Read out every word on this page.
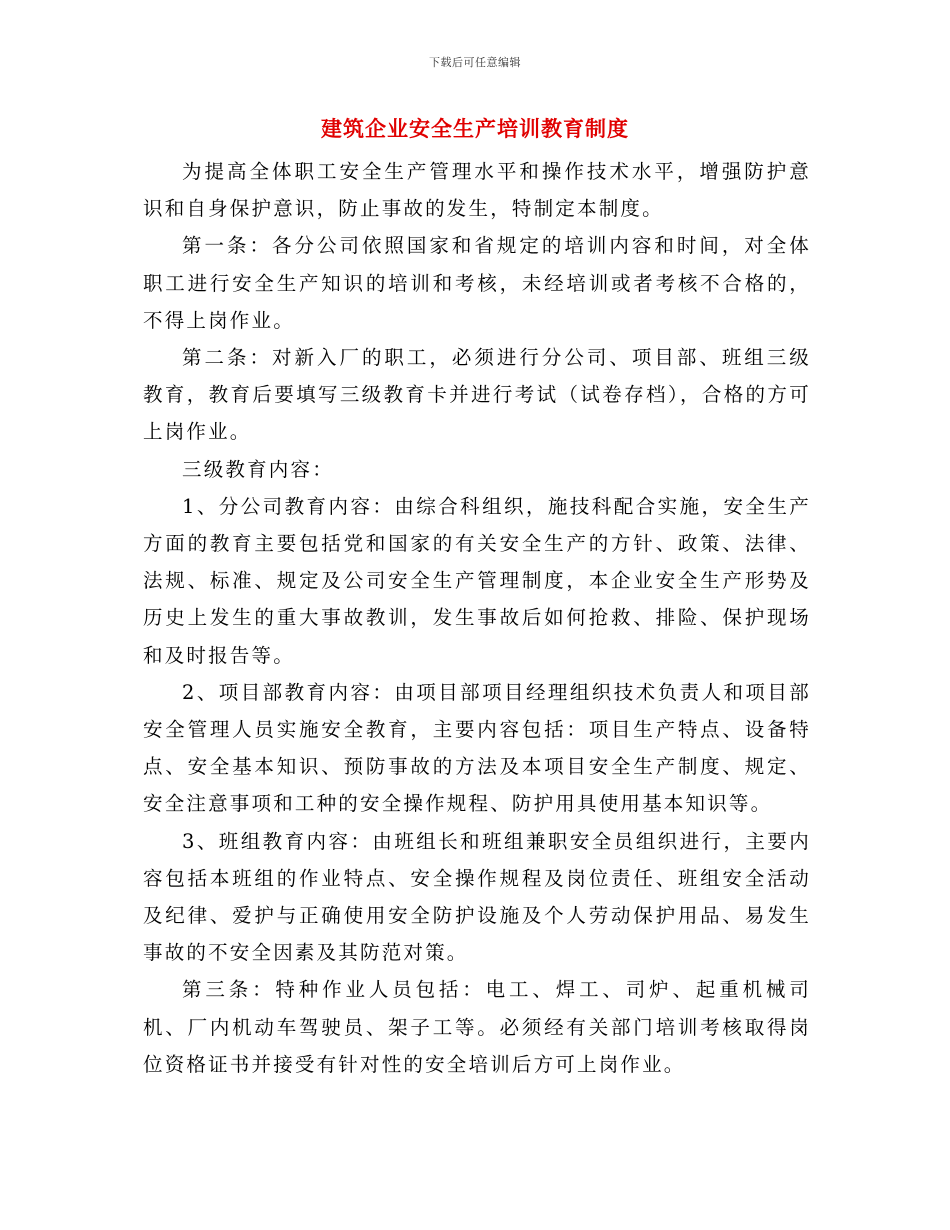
下载后可任意编辑
建筑企业安全生产培训教育制度

为提高全体职工安全生产管理水平和操作技术水平，增强防护意识和自身保护意识，防止事故的发生，特制定本制度。

第一条：各分公司依照国家和省规定的培训内容和时间，对全体职工进行安全生产知识的培训和考核，未经培训或者考核不合格的，不得上岗作业。

第二条：对新入厂的职工，必须进行分公司、项目部、班组三级教育，教育后要填写三级教育卡并进行考试（试卷存档），合格的方可上岗作业。

三级教育内容：

1、分公司教育内容：由综合科组织，施技科配合实施，安全生产方面的教育主要包括党和国家的有关安全生产的方针、政策、法律、法规、标准、规定及公司安全生产管理制度，本企业安全生产形势及历史上发生的重大事故教训，发生事故后如何抢救、排险、保护现场和及时报告等。

2、项目部教育内容：由项目部项目经理组织技术负责人和项目部安全管理人员实施安全教育，主要内容包括：项目生产特点、设备特点、安全基本知识、预防事故的方法及本项目安全生产制度、规定、安全注意事项和工种的安全操作规程、防护用具使用基本知识等。

3、班组教育内容：由班组长和班组兼职安全员组织进行，主要内容包括本班组的作业特点、安全操作规程及岗位责任、班组安全活动及纪律、爱护与正确使用安全防护设施及个人劳动保护用品、易发生事故的不安全因素及其防范对策。

第三条：特种作业人员包括：电工、焊工、司炉、起重机械司机、厂内机动车驾驶员、架子工等。必须经有关部门培训考核取得岗位资格证书并接受有针对性的安全培训后方可上岗作业。
